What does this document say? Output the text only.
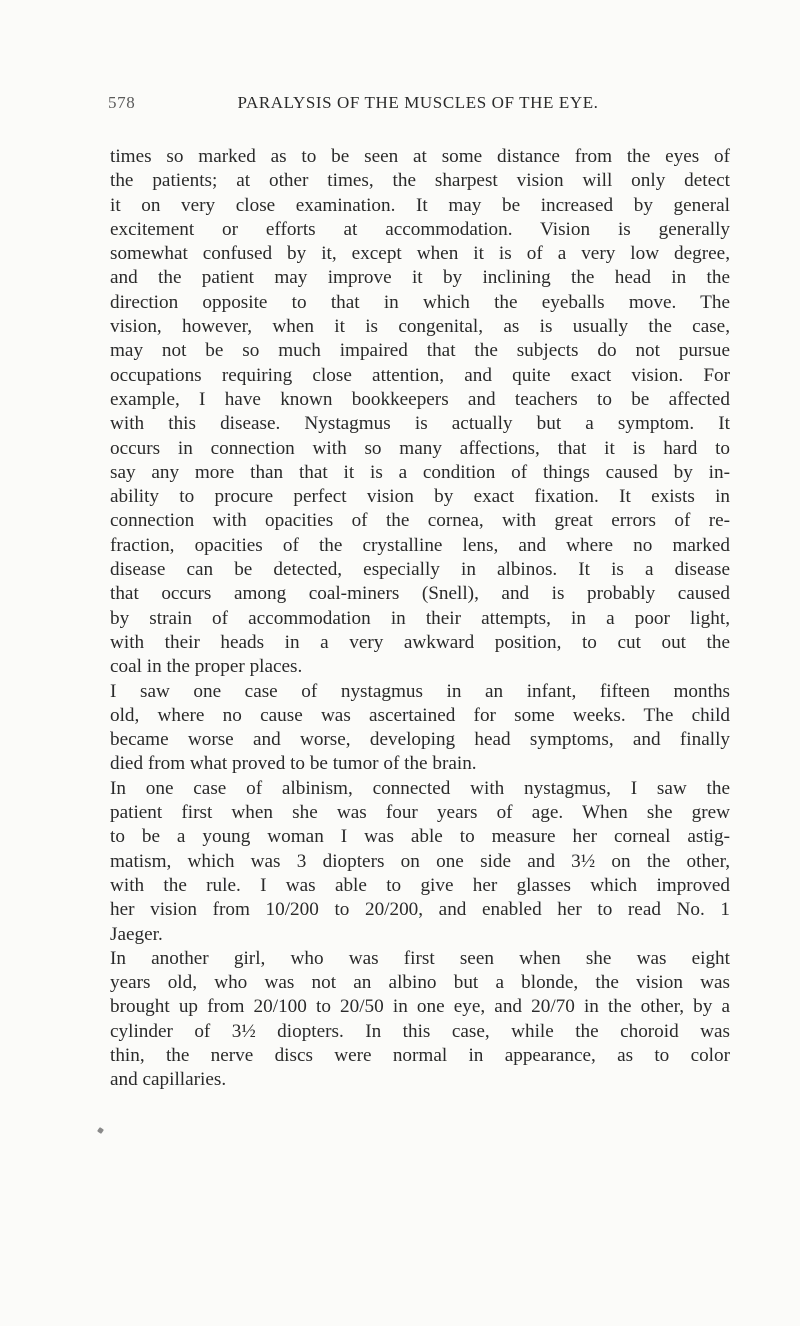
578	PARALYSIS OF THE MUSCLES OF THE EYE.

times so marked as to be seen at some distance from the eyes of
the patients; at other times, the sharpest vision will only detect
it on very close examination. It may be increased by general
excitement or efforts at accommodation. Vision is generally
somewhat confused by it, except when it is of a very low degree,
and the patient may improve it by inclining the head in the
direction opposite to that in which the eyeballs move. The
vision, however, when it is congenital, as is usually the case,
may not be so much impaired that the subjects do not pursue
occupations requiring close attention, and quite exact vision. For
example, I have known bookkeepers and teachers to be affected
with this disease. Nystagmus is actually but a symptom. It
occurs in connection with so many affections, that it is hard to
say any more than that it is a condition of things caused by in-
ability to procure perfect vision by exact fixation. It exists in
connection with opacities of the cornea, with great errors of re-
fraction, opacities of the crystalline lens, and where no marked
disease can be detected, especially in albinos. It is a disease
that occurs among coal-miners (Snell), and is probably caused
by strain of accommodation in their attempts, in a poor light,
with their heads in a very awkward position, to cut out the
coal in the proper places.

I saw one case of nystagmus in an infant, fifteen months
old, where no cause was ascertained for some weeks. The child
became worse and worse, developing head symptoms, and finally
died from what proved to be tumor of the brain.

In one case of albinism, connected with nystagmus, I saw the
patient first when she was four years of age. When she grew
to be a young woman I was able to measure her corneal astig-
matism, which was 3 diopters on one side and 3½ on the other,
with the rule. I was able to give her glasses which improved
her vision from 10/200 to 20/200, and enabled her to read No. 1
Jaeger.

In another girl, who was first seen when she was eight
years old, who was not an albino but a blonde, the vision was
brought up from 20/100 to 20/50 in one eye, and 20/70 in the other, by a
cylinder of 3½ diopters. In this case, while the choroid was
thin, the nerve discs were normal in appearance, as to color
and capillaries.
